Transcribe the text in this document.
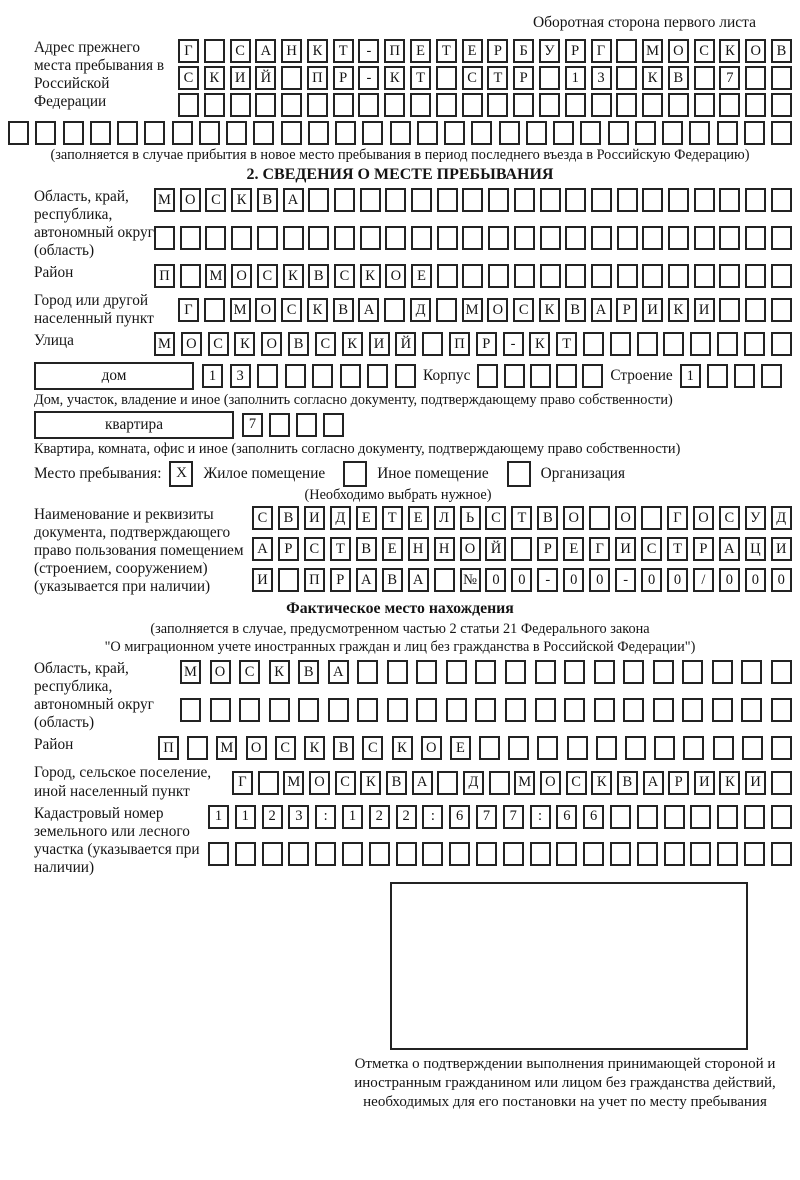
Оборотная сторона первого листа
Адрес прежнего места пребывания в Российской Федерации
Г	С	А	Н	К	Т	-	П	Е	Т	Е	Р	Б	У	Р	Г	М О	С	К	О	В
С	К	И	Й	П	Р	-	К	Т	С	Т	Р	1	3	К	В	7
(заполняется в случае прибытия в новое место пребывания в период последнего въезда в Российскую Федерацию)
2. СВЕДЕНИЯ О МЕСТЕ ПРЕБЫВАНИЯ
Область, край, республика, автономный округ (область)
М О	С	К	В	А
Район	П	М О	С	К	В	С	К	О	Е
Город или другой населенный пункт
Г	М О	С	К	В	А	Д	М О	С	К	В	А	Р	И	К	И
Улица	М	О	С	К	О	В	С	К	И	Й	П	Р	-	К	Т
дом	1	3	Корпус	Строение 1
Дом, участок, владение и иное (заполнить согласно документу, подтверждающему право собственности)
квартира	7
Квартира, комната, офис и иное (заполнить согласно документу, подтверждающему право собственности)
Место пребывания: X	Жилое помещение	Иное помещение	Организация
(Необходимо выбрать нужное)
Наименование и реквизиты документа, подтверждающего право пользования помещением (строением, сооружением) (указывается при наличии)
С	В	И	Д	Е	Т	Е	Л	Ь	С	Т	В	О	О	Г	О	С	У	Д
А	Р	С	Т	В	Е	Н	Н	О	Й	Р	Е	Г	И	С	Т	Р	А	Ц	И
И	П	Р	А	В	А	№	0	0	-	0	0	-	0	0	/	0	0	0
Фактическое место нахождения
(заполняется в случае, предусмотренном частью 2 статьи 21 Федерального закона
"О миграционном учете иностранных граждан и лиц без гражданства в Российской Федерации")
Область, край, республика, автономный округ (область)
М	О	С	К	В	А
Район	П	М	О	С	К	В	С	К	О	Е
Город, сельское поселение, иной населенный пункт
Г	М О	С	К	В	А	Д	М О	С	К	В	А	Р	И	К	И
Кадастровый номер земельного или лесного участка (указывается при наличии)
1	1	2	3	:	1	2	2	:	6	7	7	:	6	6
Отметка о подтверждении выполнения принимающей стороной и иностранным гражданином или лицом без гражданства действий, необходимых для его постановки на учет по месту пребывания
